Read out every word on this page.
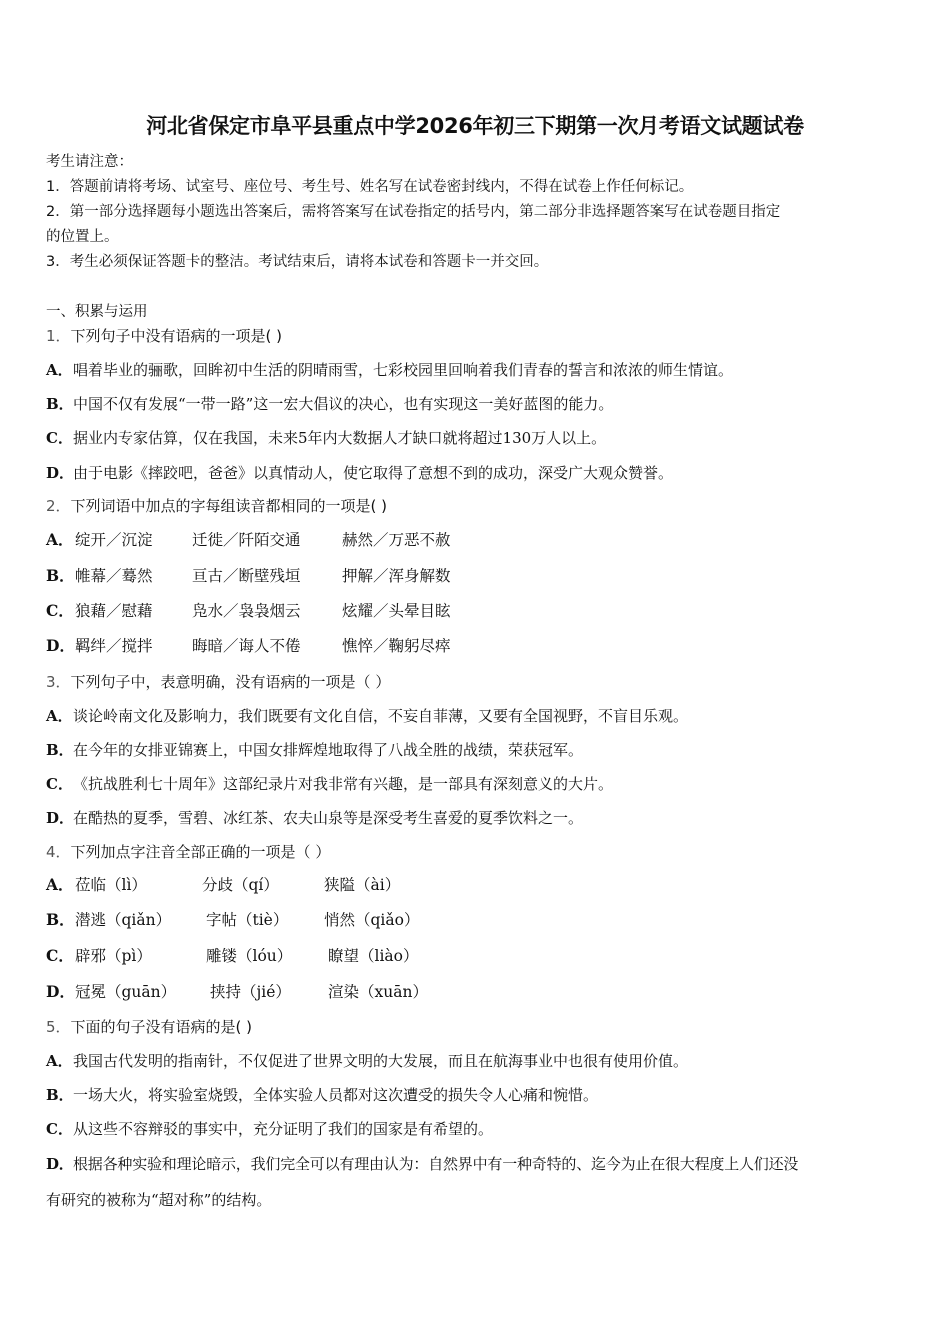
河北省保定市阜平县重点中学2026年初三下期第一次月考语文试题试卷
考生请注意：
1．答题前请将考场、试室号、座位号、考生号、姓名写在试卷密封线内，不得在试卷上作任何标记。
2．第一部分选择题每小题选出答案后，需将答案写在试卷指定的括号内，第二部分非选择题答案写在试卷题目指定
的位置上。
3．考生必须保证答题卡的整洁。考试结束后，请将本试卷和答题卡一并交回。
一、积累与运用
1．下列句子中没有语病的一项是( )
A．唱着毕业的骊歌，回眸初中生活的阴晴雨雪，七彩校园里回响着我们青春的誓言和浓浓的师生情谊。
B．中国不仅有发展“一带一路”这一宏大倡议的决心，也有实现这一美好蓝图的能力。
C．据业内专家估算，仅在我国，未来5年内大数据人才缺口就将超过130万人以上。
D．由于电影《摔跤吧，爸爸》以真情动人，使它取得了意想不到的成功，深受广大观众赞誉。
2．下列词语中加点的字每组读音都相同的一项是( )
A． 绽开／沉淀	迁徙／阡陌交通	赫然／万恶不赦
B． 帷幕／蓦然	亘古／断壁残垣	押解／浑身解数
C． 狼藉／慰藉	凫水／袅袅烟云	炫耀／头晕目眩
D． 羁绊／搅拌	晦暗／诲人不倦	憔悴／鞠躬尽瘁
3．下列句子中，表意明确，没有语病的一项是（ ）
A．谈论岭南文化及影响力，我们既要有文化自信，不妄自菲薄，又要有全国视野，不盲目乐观。
B．在今年的女排亚锦赛上，中国女排辉煌地取得了八战全胜的战绩，荣获冠军。
C．《抗战胜利七十周年》这部纪录片对我非常有兴趣，是一部具有深刻意义的大片。
D．在酷热的夏季，雪碧、冰红茶、农夫山泉等是深受考生喜爱的夏季饮料之一。
4．下列加点字注音全部正确的一项是（ ）
A． 莅临（lì）	分歧（qí）	狭隘（ài）
B． 潜逃（qiǎn） 字帖（tiè） 悄然（qiǎo）
C． 辟邪（pì）	雕镂（lóu） 瞭望（liào）
D． 冠冕（guān） 挟持（jié） 渲染（xuān）
5．下面的句子没有语病的是( )
A．我国古代发明的指南针，不仅促进了世界文明的大发展，而且在航海事业中也很有使用价值。
B．一场大火，将实验室烧毁，全体实验人员都对这次遭受的损失令人心痛和惋惜。
C．从这些不容辩驳的事实中，充分证明了我们的国家是有希望的。
D．根据各种实验和理论暗示，我们完全可以有理由认为：自然界中有一种奇特的、迄今为止在很大程度上人们还没
有研究的被称为“超对称”的结构。
